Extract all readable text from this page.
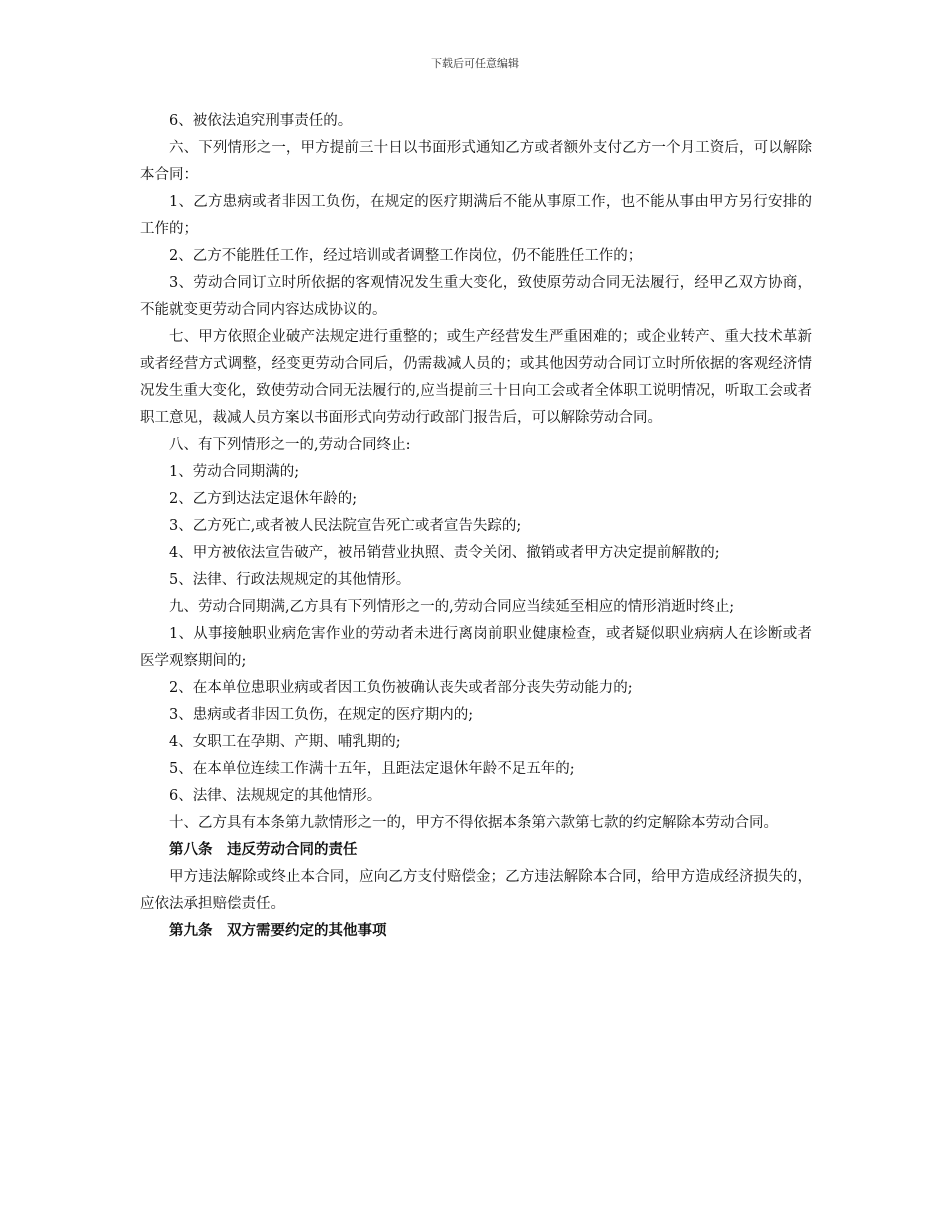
下载后可任意编辑

6、被依法追究刑事责任的。

六、下列情形之一，甲方提前三十日以书面形式通知乙方或者额外支付乙方一个月工资后，可以解除本合同：

1、乙方患病或者非因工负伤，在规定的医疗期满后不能从事原工作，也不能从事由甲方另行安排的工作的；

2、乙方不能胜任工作，经过培训或者调整工作岗位，仍不能胜任工作的；

3、劳动合同订立时所依据的客观情况发生重大变化，致使原劳动合同无法履行，经甲乙双方协商，不能就变更劳动合同内容达成协议的。

七、甲方依照企业破产法规定进行重整的；或生产经营发生严重困难的；或企业转产、重大技术革新或者经营方式调整，经变更劳动合同后，仍需裁减人员的；或其他因劳动合同订立时所依据的客观经济情况发生重大变化，致使劳动合同无法履行的,应当提前三十日向工会或者全体职工说明情况，听取工会或者职工意见，裁减人员方案以书面形式向劳动行政部门报告后，可以解除劳动合同。

八、有下列情形之一的,劳动合同终止:

1、劳动合同期满的;

2、乙方到达法定退休年龄的;

3、乙方死亡,或者被人民法院宣告死亡或者宣告失踪的;

4、甲方被依法宣告破产，被吊销营业执照、责令关闭、撤销或者甲方决定提前解散的;

5、法律、行政法规规定的其他情形。

九、劳动合同期满,乙方具有下列情形之一的,劳动合同应当续延至相应的情形消逝时终止;

1、从事接触职业病危害作业的劳动者未进行离岗前职业健康检查，或者疑似职业病病人在诊断或者医学观察期间的;

2、在本单位患职业病或者因工负伤被确认丧失或者部分丧失劳动能力的;

3、患病或者非因工负伤，在规定的医疗期内的;

4、女职工在孕期、产期、哺乳期的;

5、在本单位连续工作满十五年，且距法定退休年龄不足五年的;

6、法律、法规规定的其他情形。

十、乙方具有本条第九款情形之一的，甲方不得依据本条第六款第七款的约定解除本劳动合同。

第八条　违反劳动合同的责任

甲方违法解除或终止本合同，应向乙方支付赔偿金；乙方违法解除本合同，给甲方造成经济损失的，应依法承担赔偿责任。

第九条　双方需要约定的其他事项
